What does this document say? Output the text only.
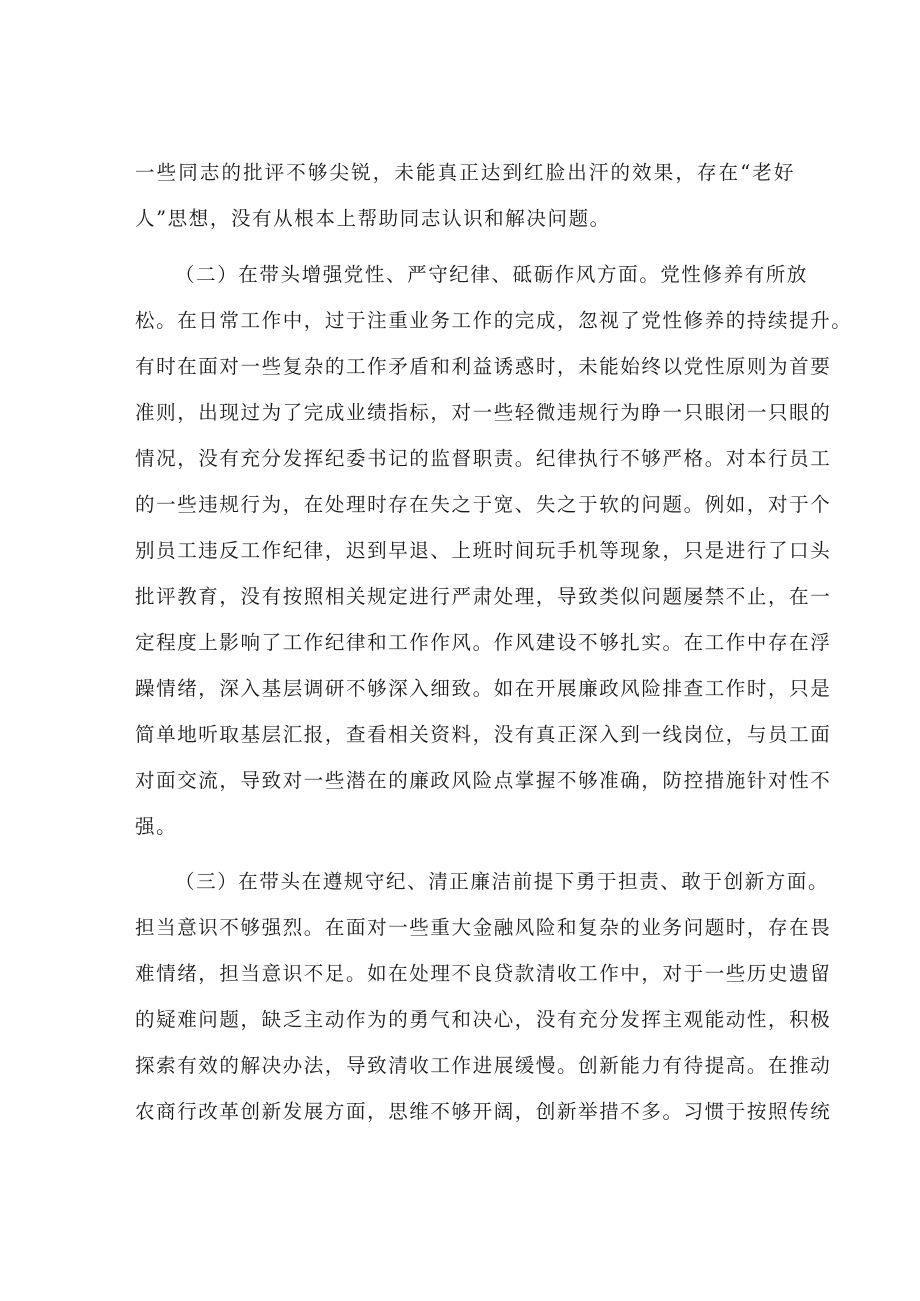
一些同志的批评不够尖锐，未能真正达到红脸出汗的效果，存在“老好

人”思想，没有从根本上帮助同志认识和解决问题。

（二）在带头增强党性、严守纪律、砥砺作风方面。党性修养有所放

松。在日常工作中，过于注重业务工作的完成，忽视了党性修养的持续提升。

有时在面对一些复杂的工作矛盾和利益诱惑时，未能始终以党性原则为首要

准则，出现过为了完成业绩指标，对一些轻微违规行为睁一只眼闭一只眼的

情况，没有充分发挥纪委书记的监督职责。纪律执行不够严格。对本行员工

的一些违规行为，在处理时存在失之于宽、失之于软的问题。例如，对于个

别员工违反工作纪律，迟到早退、上班时间玩手机等现象，只是进行了口头

批评教育，没有按照相关规定进行严肃处理，导致类似问题屡禁不止，在一

定程度上影响了工作纪律和工作作风。作风建设不够扎实。在工作中存在浮

躁情绪，深入基层调研不够深入细致。如在开展廉政风险排查工作时，只是

简单地听取基层汇报，查看相关资料，没有真正深入到一线岗位，与员工面

对面交流，导致对一些潜在的廉政风险点掌握不够准确，防控措施针对性不

强。

（三）在带头在遵规守纪、清正廉洁前提下勇于担责、敢于创新方面。

担当意识不够强烈。在面对一些重大金融风险和复杂的业务问题时，存在畏

难情绪，担当意识不足。如在处理不良贷款清收工作中，对于一些历史遗留

的疑难问题，缺乏主动作为的勇气和决心，没有充分发挥主观能动性，积极

探索有效的解决办法，导致清收工作进展缓慢。创新能力有待提高。在推动

农商行改革创新发展方面，思维不够开阔，创新举措不多。习惯于按照传统
